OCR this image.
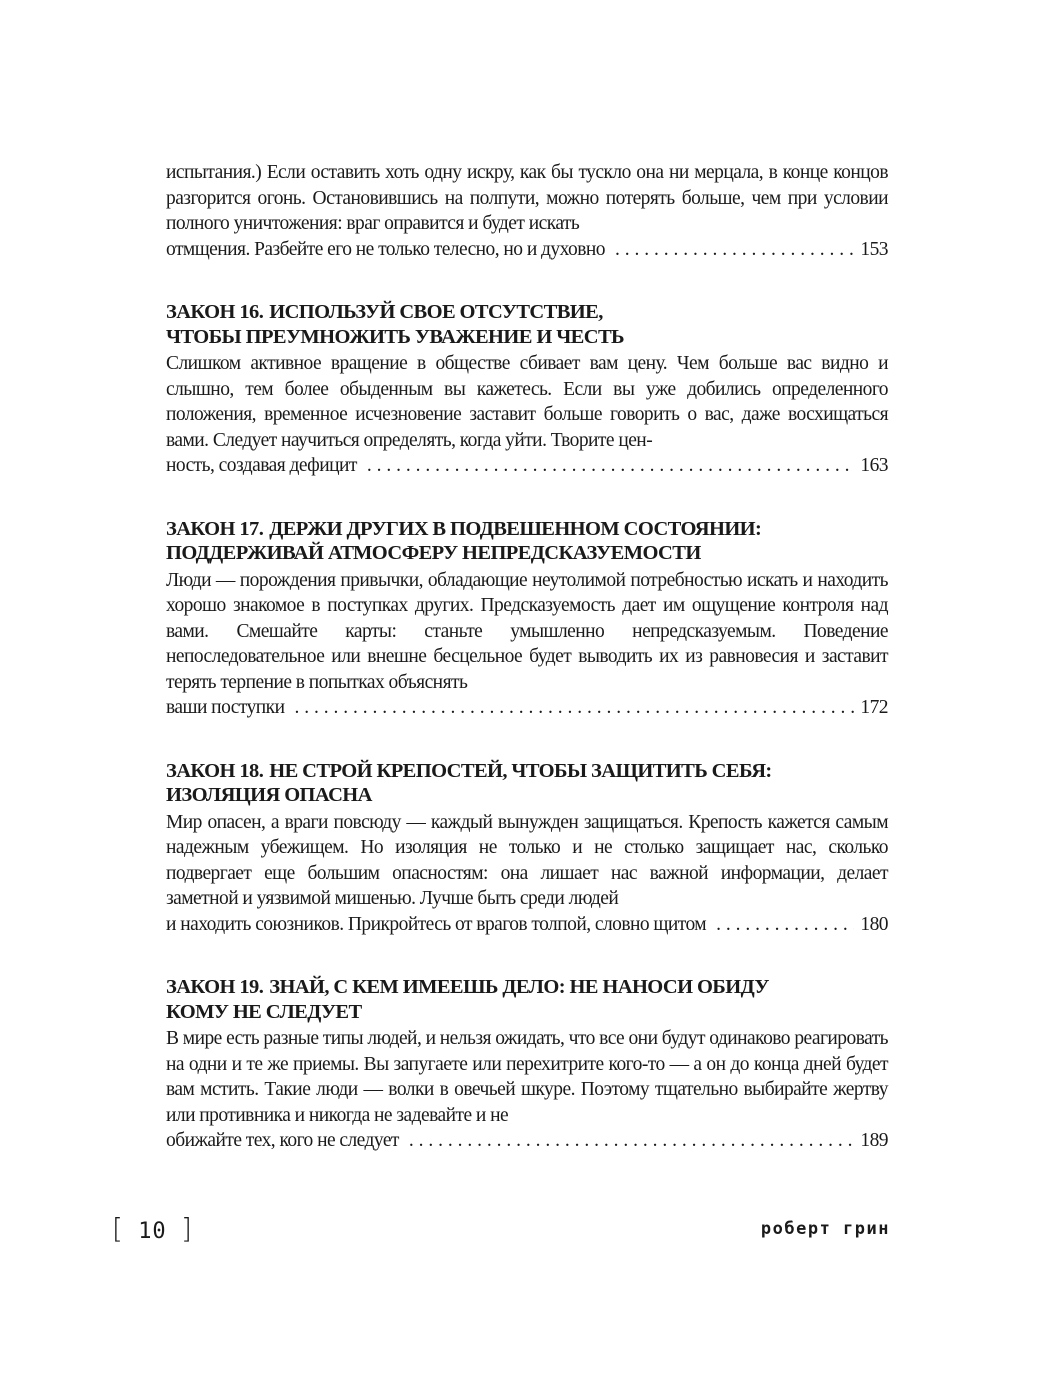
испытания.) Если оставить хоть одну искру, как бы тускло она ни мерцала, в конце концов разгорится огонь. Остановившись на полпути, можно потерять больше, чем при условии полного уничтожения: враг оправится и будет искать

отмщения. Разбейте его не только телесно, но и духовно . . .	153
ЗАКОН 16. ИСПОЛЬЗУЙ СВОЕ ОТСУТСТВИЕ,
ЧТОБЫ ПРЕУМНОЖИТЬ УВАЖЕНИЕ И ЧЕСТЬ

Слишком активное вращение в обществе сбивает вам цену. Чем больше вас видно и слышно, тем более обыденным вы кажетесь. Если вы уже добились определенного положения, временное исчезновение заставит больше говорить о вас, даже восхищаться вами. Следует научиться определять, когда уйти. Творите цен-

ность, создавая дефицит . . .	163
ЗАКОН 17. ДЕРЖИ ДРУГИХ В ПОДВЕШЕННОМ СОСТОЯНИИ:
ПОДДЕРЖИВАЙ АТМОСФЕРУ НЕПРЕДСКАЗУЕМОСТИ

Люди — порождения привычки, обладающие неутолимой потребностью искать и находить хорошо знакомое в поступках других. Предсказуемость дает им ощущение контроля над вами. Смешайте карты: станьте умышленно непредсказуемым. Поведение непоследовательное или внешне бесцельное будет выводить их из равновесия и заставит терять терпение в попытках объяснять

ваши поступки . . .	172
ЗАКОН 18. НЕ СТРОЙ КРЕПОСТЕЙ, ЧТОБЫ ЗАЩИТИТЬ СЕБЯ:
ИЗОЛЯЦИЯ ОПАСНА

Мир опасен, а враги повсюду — каждый вынужден защищаться. Крепость кажется самым надежным убежищем. Но изоляция не только и не столько защищает нас, сколько подвергает еще большим опасностям: она лишает нас важной информации, делает заметной и уязвимой мишенью. Лучше быть среди людей

и находить союзников. Прикройтесь от врагов толпой, словно щитом . . .	180
ЗАКОН 19. ЗНАЙ, С КЕМ ИМЕЕШЬ ДЕЛО: НЕ НАНОСИ ОБИДУ
КОМУ НЕ СЛЕДУЕТ

В мире есть разные типы людей, и нельзя ожидать, что все они будут одинаково реагировать на одни и те же приемы. Вы запугаете или перехитрите кого-то — а он до конца дней будет вам мстить. Такие люди — волки в овечьей шкуре. Поэтому тщательно выбирайте жертву или противника и никогда не задевайте и не

обижайте тех, кого не следует . . .	189
[ 10 ]	роберт грин
